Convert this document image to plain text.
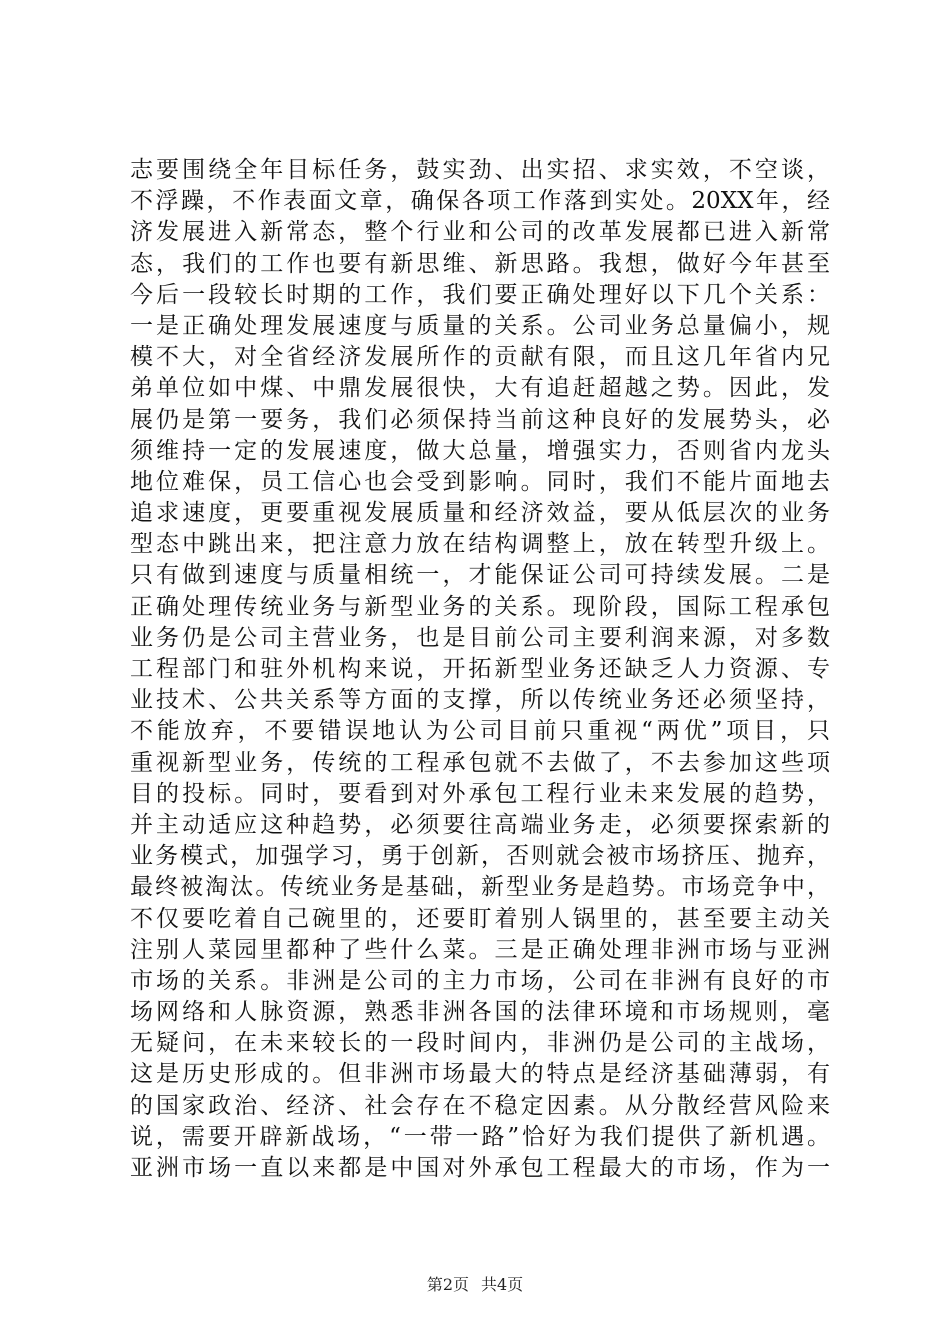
志要围绕全年目标任务，鼓实劲、出实招、求实效，不空谈，
不浮躁，不作表面文章，确保各项工作落到实处。20XX年，经
济发展进入新常态，整个行业和公司的改革发展都已进入新常
态，我们的工作也要有新思维、新思路。我想，做好今年甚至
今后一段较长时期的工作，我们要正确处理好以下几个关系：
一是正确处理发展速度与质量的关系。公司业务总量偏小，规
模不大，对全省经济发展所作的贡献有限，而且这几年省内兄
弟单位如中煤、中鼎发展很快，大有追赶超越之势。因此，发
展仍是第一要务，我们必须保持当前这种良好的发展势头，必
须维持一定的发展速度，做大总量，增强实力，否则省内龙头
地位难保，员工信心也会受到影响。同时，我们不能片面地去
追求速度，更要重视发展质量和经济效益，要从低层次的业务
型态中跳出来，把注意力放在结构调整上，放在转型升级上。
只有做到速度与质量相统一，才能保证公司可持续发展。二是
正确处理传统业务与新型业务的关系。现阶段，国际工程承包
业务仍是公司主营业务，也是目前公司主要利润来源，对多数
工程部门和驻外机构来说，开拓新型业务还缺乏人力资源、专
业技术、公共关系等方面的支撑，所以传统业务还必须坚持，
不能放弃，不要错误地认为公司目前只重视“两优”项目，只
重视新型业务，传统的工程承包就不去做了，不去参加这些项
目的投标。同时，要看到对外承包工程行业未来发展的趋势，
并主动适应这种趋势，必须要往高端业务走，必须要探索新的
业务模式，加强学习，勇于创新，否则就会被市场挤压、抛弃，
最终被淘汰。传统业务是基础，新型业务是趋势。市场竞争中，
不仅要吃着自己碗里的，还要盯着别人锅里的，甚至要主动关
注别人菜园里都种了些什么菜。三是正确处理非洲市场与亚洲
市场的关系。非洲是公司的主力市场，公司在非洲有良好的市
场网络和人脉资源，熟悉非洲各国的法律环境和市场规则，毫
无疑问，在未来较长的一段时间内，非洲仍是公司的主战场，
这是历史形成的。但非洲市场最大的特点是经济基础薄弱，有
的国家政治、经济、社会存在不稳定因素。从分散经营风险来
说，需要开辟新战场，“一带一路”恰好为我们提供了新机遇。
亚洲市场一直以来都是中国对外承包工程最大的市场，作为一
第2页 共4页
